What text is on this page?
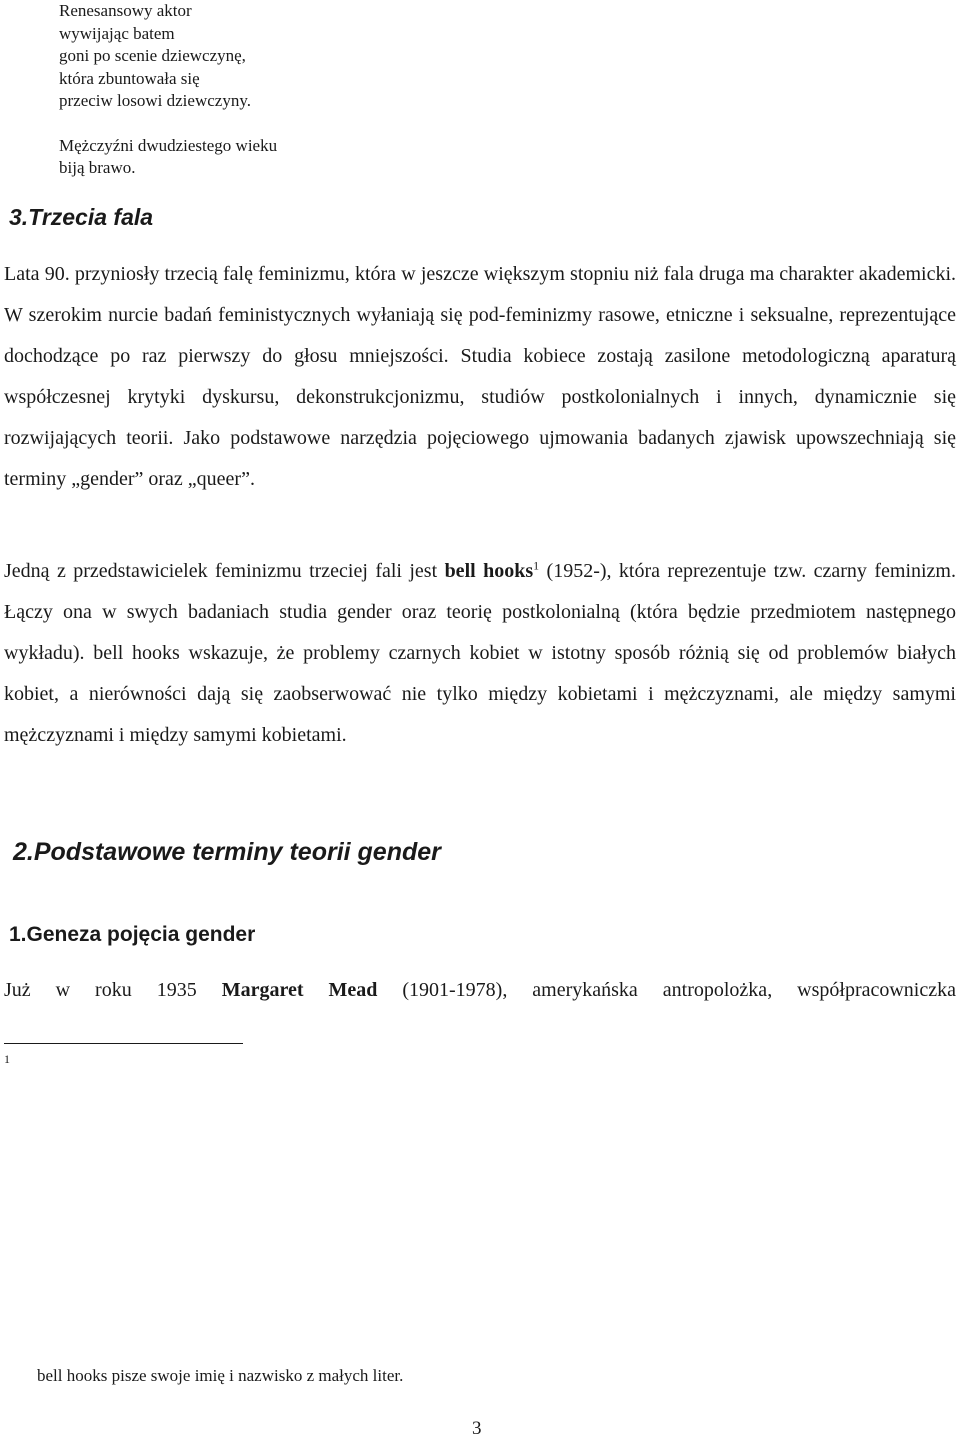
Renesansowy aktor

wywijając batem

goni po scenie dziewczynę,

która zbuntowała się

przeciw losowi dziewczyny.

Mężczyźni dwudziestego wieku

biją brawo.

3.Trzecia fala

Lata 90. przyniosły trzecią falę feminizmu, która w jeszcze większym stopniu niż fala druga ma charakter akademicki. W szerokim nurcie badań feministycznych wyłaniają się pod-feminizmy rasowe, etniczne i seksualne, reprezentujące dochodzące po raz pierwszy do głosu mniejszości. Studia kobiece zostają zasilone metodologiczną aparaturą współczesnej krytyki dyskursu, dekonstrukcjonizmu, studiów postkolonialnych i innych, dynamicznie się rozwijających teorii. Jako podstawowe narzędzia pojęciowego ujmowania badanych zjawisk upowszechniają się terminy „gender” oraz „queer”.

Jedną z przedstawicielek feminizmu trzeciej fali jest bell hooks$^1$ (1952-), która reprezentuje tzw. czarny feminizm. Łączy ona w swych badaniach studia gender oraz teorię postkolonialną (która będzie przedmiotem następnego wykładu). bell hooks wskazuje, że problemy czarnych kobiet w istotny sposób różnią się od problemów białych kobiet, a nierówności dają się zaobserwować nie tylko między kobietami i mężczyznami, ale między samymi mężczyznami i między samymi kobietami.

2.Podstawowe terminy teorii gender
1.Geneza pojęcia gender

Już w roku 1935 Margaret Mead (1901-1978), amerykańska antropolożka, współpracowniczka

1
bell hooks pisze swoje imię i nazwisko z małych liter.
3
